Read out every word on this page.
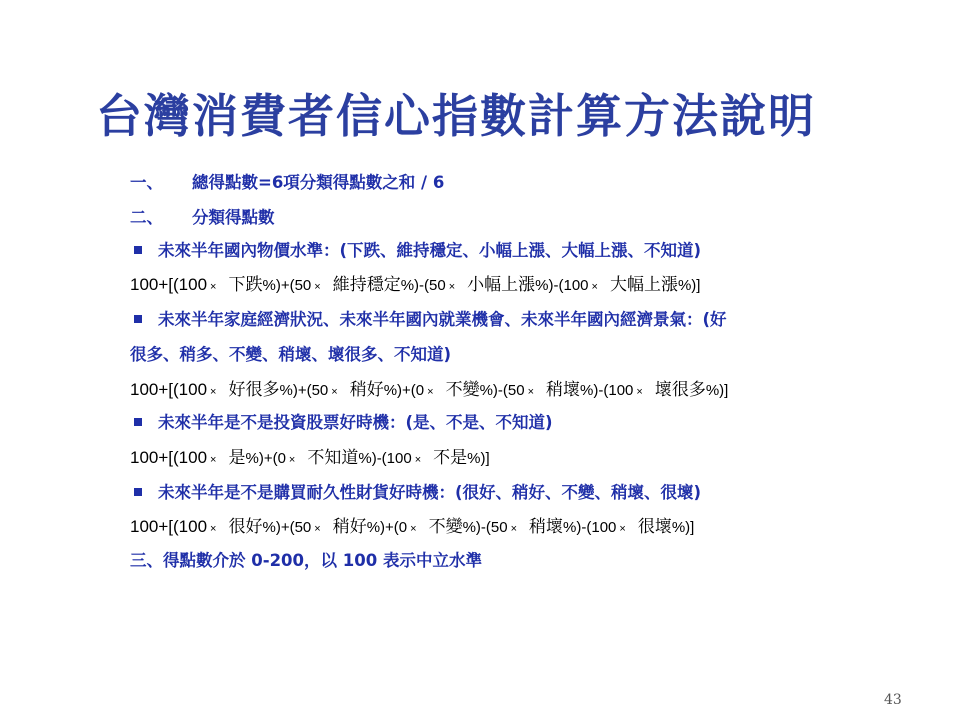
台灣消費者信心指數計算方法說明
一、 總得點數=6項分類得點數之和 / 6
二、 分類得點數
未來半年國內物價水準：(下跌、維持穩定、小幅上漲、大幅上漲、不知道)
100+[(100 × 下跌%)+(50 × 維持穩定%)-(50 × 小幅上漲%)-(100 × 大幅上漲%)]
未來半年家庭經濟狀況、未來半年國內就業機會、未來半年國內經濟景氣：(好
很多、稍多、不變、稍壞、壞很多、不知道)
100+[(100 × 好很多%)+(50 × 稍好%)+(0 × 不變%)-(50 × 稍壞%)-(100 × 壞很多%)]
未來半年是不是投資股票好時機：(是、不是、不知道)
100+[(100 × 是%)+(0 × 不知道%)-(100 × 不是%)]
未來半年是不是購買耐久性財貨好時機：(很好、稍好、不變、稍壞、很壞)
100+[(100 × 很好%)+(50 × 稍好%)+(0 × 不變%)-(50 × 稍壞%)-(100 × 很壞%)]
三、得點數介於 0-200，以 100 表示中立水準
43
